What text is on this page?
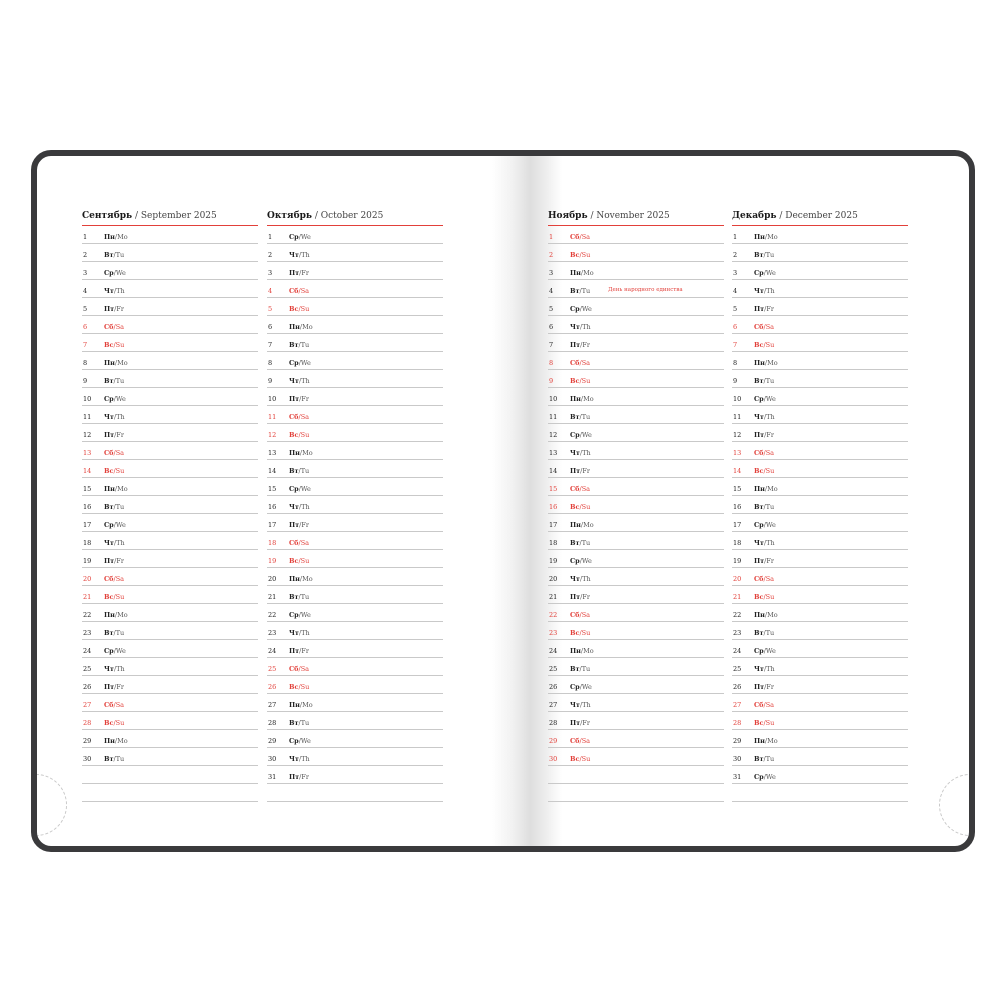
Сентябрь / September 2025
1	Пн/Mo
2	Вт/Tu
3	Ср/We
4	Чт/Th
5	Пт/Fr
6	Сб/Sa
7	Вс/Su
8	Пн/Mo
9	Вт/Tu
10	Ср/We
11	Чт/Th
12	Пт/Fr
13	Сб/Sa
14	Вс/Su
15	Пн/Mo
16	Вт/Tu
17	Ср/We
18	Чт/Th
19	Пт/Fr
20	Сб/Sa
21	Вс/Su
22	Пн/Mo
23	Вт/Tu
24	Ср/We
25	Чт/Th
26	Пт/Fr
27	Сб/Sa
28	Вс/Su
29	Пн/Mo
30	Вт/Tu
Октябрь / October 2025
1	Ср/We
2	Чт/Th
3	Пт/Fr
4	Сб/Sa
5	Вс/Su
6	Пн/Mo
7	Вт/Tu
8	Ср/We
9	Чт/Th
10	Пт/Fr
11	Сб/Sa
12	Вс/Su
13	Пн/Mo
14	Вт/Tu
15	Ср/We
16	Чт/Th
17	Пт/Fr
18	Сб/Sa
19	Вс/Su
20	Пн/Mo
21	Вт/Tu
22	Ср/We
23	Чт/Th
24	Пт/Fr
25	Сб/Sa
26	Вс/Su
27	Пн/Mo
28	Вт/Tu
29	Ср/We
30	Чт/Th
31	Пт/Fr
Ноябрь / November 2025
1	Сб/Sa
2	Вс/Su
3	Пн/Mo
4	Вт/Tu	День народного единства
5	Ср/We
6	Чт/Th
7	Пт/Fr
8	Сб/Sa
9	Вс/Su
10	Пн/Mo
11	Вт/Tu
12	Ср/We
13	Чт/Th
14	Пт/Fr
15	Сб/Sa
16	Вс/Su
17	Пн/Mo
18	Вт/Tu
19	Ср/We
20	Чт/Th
21	Пт/Fr
22	Сб/Sa
23	Вс/Su
24	Пн/Mo
25	Вт/Tu
26	Ср/We
27	Чт/Th
28	Пт/Fr
29	Сб/Sa
30	Вс/Su
Декабрь / December 2025
1	Пн/Mo
2	Вт/Tu
3	Ср/We
4	Чт/Th
5	Пт/Fr
6	Сб/Sa
7	Вс/Su
8	Пн/Mo
9	Вт/Tu
10	Ср/We
11	Чт/Th
12	Пт/Fr
13	Сб/Sa
14	Вс/Su
15	Пн/Mo
16	Вт/Tu
17	Ср/We
18	Чт/Th
19	Пт/Fr
20	Сб/Sa
21	Вс/Su
22	Пн/Mo
23	Вт/Tu
24	Ср/We
25	Чт/Th
26	Пт/Fr
27	Сб/Sa
28	Вс/Su
29	Пн/Mo
30	Вт/Tu
31	Ср/We
